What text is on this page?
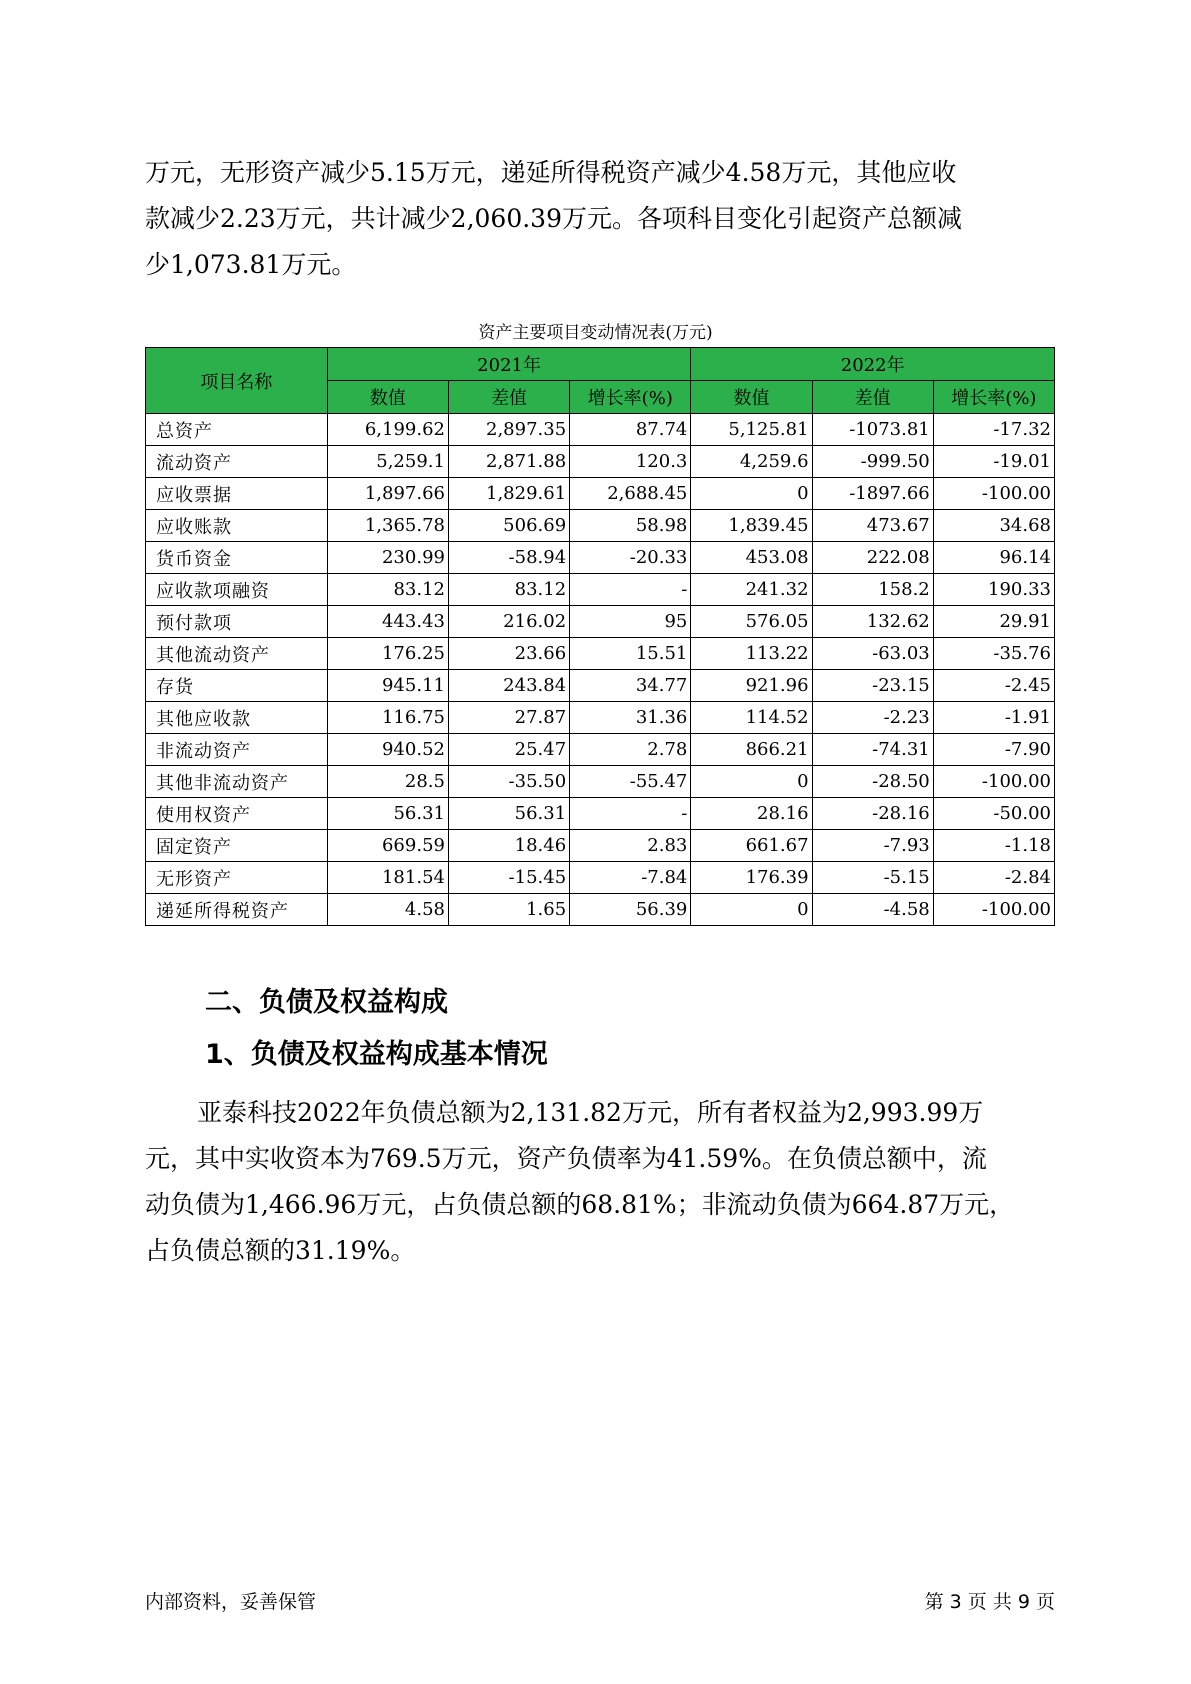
万元，无形资产减少5.15万元，递延所得税资产减少4.58万元，其他应收
款减少2.23万元，共计减少2,060.39万元。各项科目变化引起资产总额减
少1,073.81万元。

资产主要项目变动情况表(万元)
项目名称	2021年			2022年		
	数值	差值	增长率(%)	数值	差值	增长率(%)
总资产	6,199.62	2,897.35	87.74	5,125.81	-1073.81	-17.32
流动资产	5,259.1	2,871.88	120.3	4,259.6	-999.50	-19.01
应收票据	1,897.66	1,829.61	2,688.45	0	-1897.66	-100.00
应收账款	1,365.78	506.69	58.98	1,839.45	473.67	34.68
货币资金	230.99	-58.94	-20.33	453.08	222.08	96.14
应收款项融资	83.12	83.12	-	241.32	158.2	190.33
预付款项	443.43	216.02	95	576.05	132.62	29.91
其他流动资产	176.25	23.66	15.51	113.22	-63.03	-35.76
存货	945.11	243.84	34.77	921.96	-23.15	-2.45
其他应收款	116.75	27.87	31.36	114.52	-2.23	-1.91
非流动资产	940.52	25.47	2.78	866.21	-74.31	-7.90
其他非流动资产	28.5	-35.50	-55.47	0	-28.50	-100.00
使用权资产	56.31	56.31	-	28.16	-28.16	-50.00
固定资产	669.59	18.46	2.83	661.67	-7.93	-1.18
无形资产	181.54	-15.45	-7.84	176.39	-5.15	-2.84
递延所得税资产	4.58	1.65	56.39	0	-4.58	-100.00
二、负债及权益构成
1、负债及权益构成基本情况

亚泰科技2022年负债总额为2,131.82万元，所有者权益为2,993.99万
元，其中实收资本为769.5万元，资产负债率为41.59%。在负债总额中，流
动负债为1,466.96万元，占负债总额的68.81%；非流动负债为664.87万元，
占负债总额的31.19%。

内部资料，妥善保管	第 3 页 共 9 页
